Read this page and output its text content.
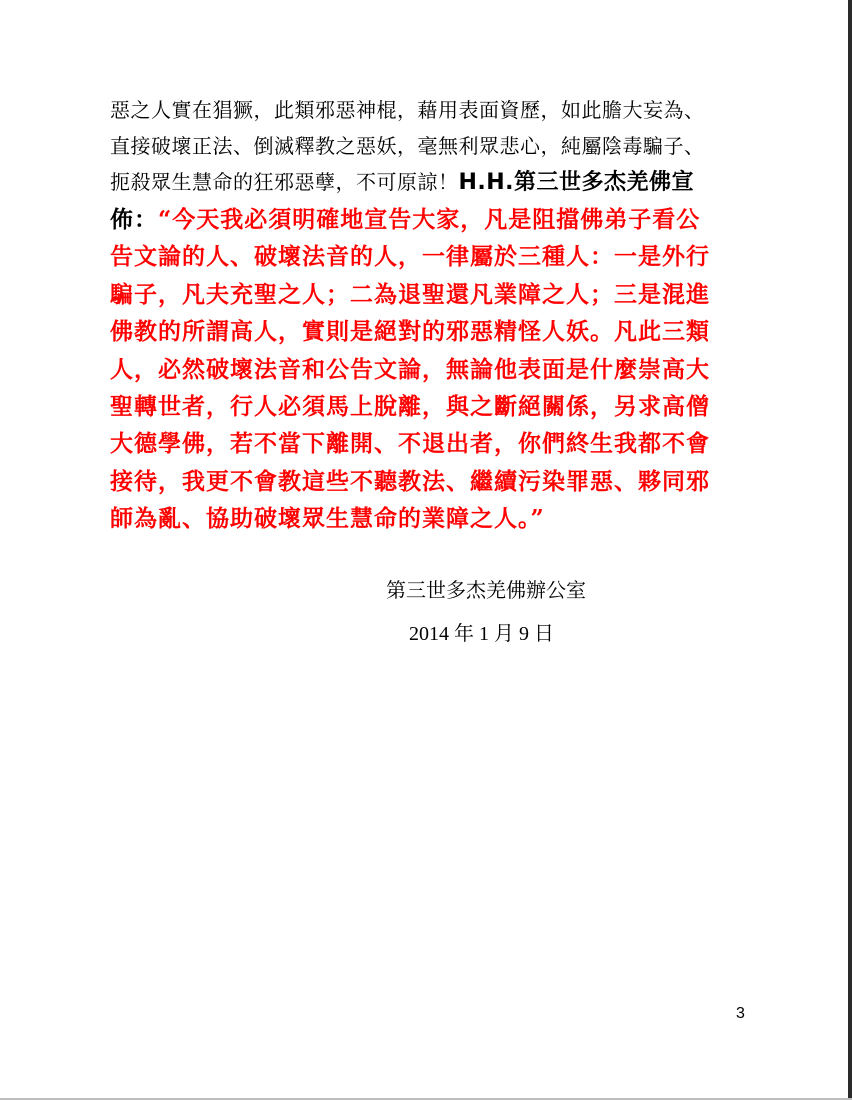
惡之人實在猖獗，此類邪惡神棍，藉用表面資歷，如此膽大妄為、
直接破壞正法、倒滅釋教之惡妖，毫無利眾悲心，純屬陰毒騙子、
扼殺眾生慧命的狂邪惡孽，不可原諒！H.H.第三世多杰羌佛宣
佈：“今天我必須明確地宣告大家，凡是阻擋佛弟子看公
告文論的人、破壞法音的人，一律屬於三種人：一是外行
騙子，凡夫充聖之人；二為退聖還凡業障之人；三是混進
佛教的所謂高人，實則是絕對的邪惡精怪人妖。凡此三類
人，必然破壞法音和公告文論，無論他表面是什麼崇高大
聖轉世者，行人必須馬上脫離，與之斷絕關係，另求高僧
大德學佛，若不當下離開、不退出者，你們終生我都不會
接待，我更不會教這些不聽教法、繼續污染罪惡、夥同邪
師為亂、協助破壞眾生慧命的業障之人。”
第三世多杰羌佛辦公室
2014 年 1 月 9 日
3
